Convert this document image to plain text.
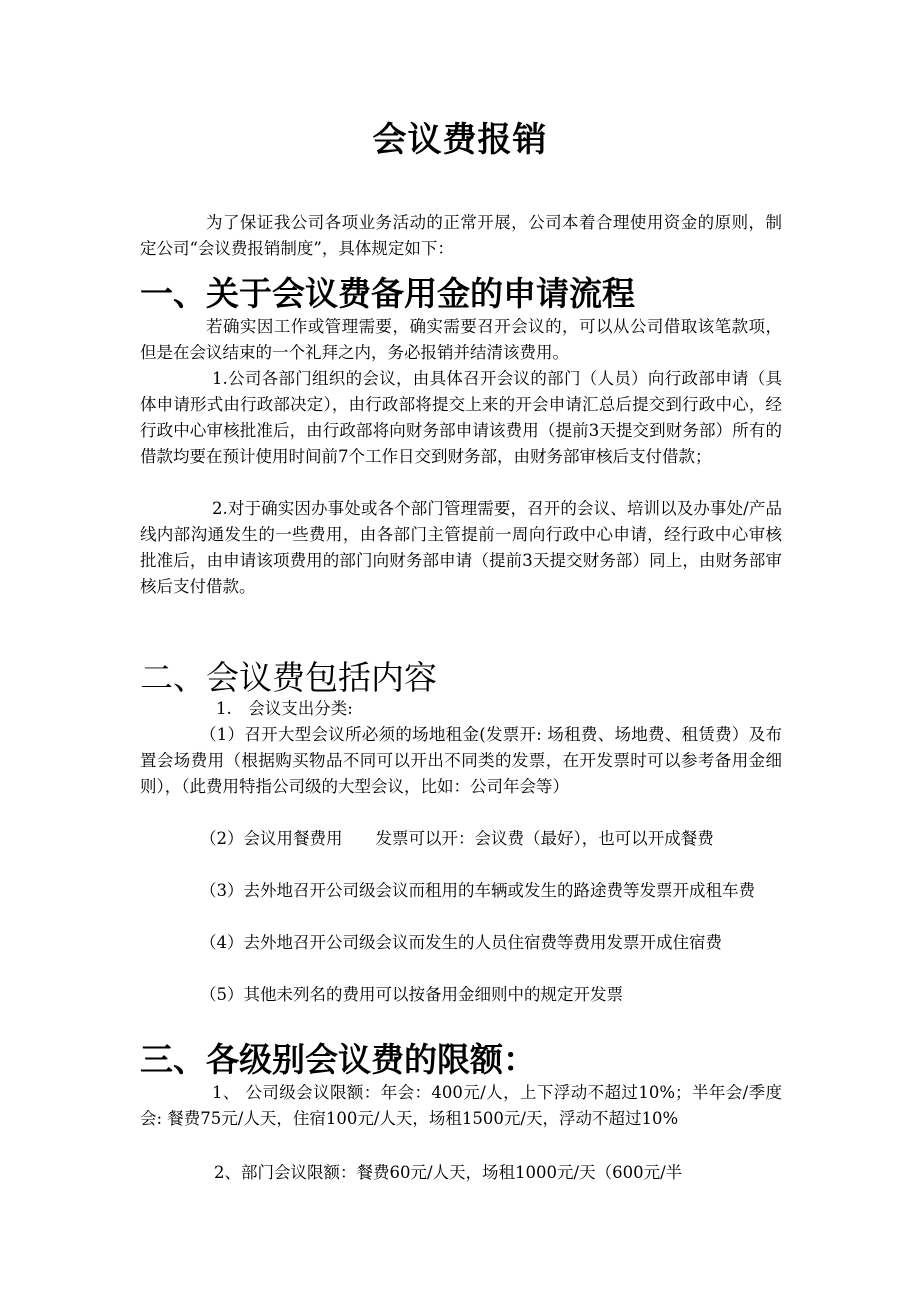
会议费报销
为了保证我公司各项业务活动的正常开展，公司本着合理使用资金的原则，制定公司“会议费报销制度”，具体规定如下：
一、关于会议费备用金的申请流程
若确实因工作或管理需要，确实需要召开会议的，可以从公司借取该笔款项，但是在会议结束的一个礼拜之内，务必报销并结清该费用。
1.公司各部门组织的会议，由具体召开会议的部门（人员）向行政部申请（具体申请形式由行政部决定），由行政部将提交上来的开会申请汇总后提交到行政中心，经行政中心审核批准后，由行政部将向财务部申请该费用（提前3天提交到财务部）所有的借款均要在预计使用时间前7个工作日交到财务部，由财务部审核后支付借款；
2.对于确实因办事处或各个部门管理需要，召开的会议、培训以及办事处/产品线内部沟通发生的一些费用，由各部门主管提前一周向行政中心申请，经行政中心审核批准后，由申请该项费用的部门向财务部申请（提前3天提交财务部）同上，由财务部审核后支付借款。
二、会议费包括内容
1.　会议支出分类:
（1）召开大型会议所必须的场地租金(发票开: 场租费、场地费、租赁费）及布置会场费用（根据购买物品不同可以开出不同类的发票，在开发票时可以参考备用金细则），（此费用特指公司级的大型会议，比如：公司年会等）
（2）会议用餐费用　　发票可以开：会议费（最好），也可以开成餐费
（3）去外地召开公司级会议而租用的车辆或发生的路途费等发票开成租车费
（4）去外地召开公司级会议而发生的人员住宿费等费用发票开成住宿费
（5）其他未列名的费用可以按备用金细则中的规定开发票
三、各级别会议费的限额：
1、 公司级会议限额：年会：400元/人，上下浮动不超过10%；半年会/季度会: 餐费75元/人天，住宿100元/人天，场租1500元/天，浮动不超过10%
2、部门会议限额：餐费60元/人天，场租1000元/天（600元/半
